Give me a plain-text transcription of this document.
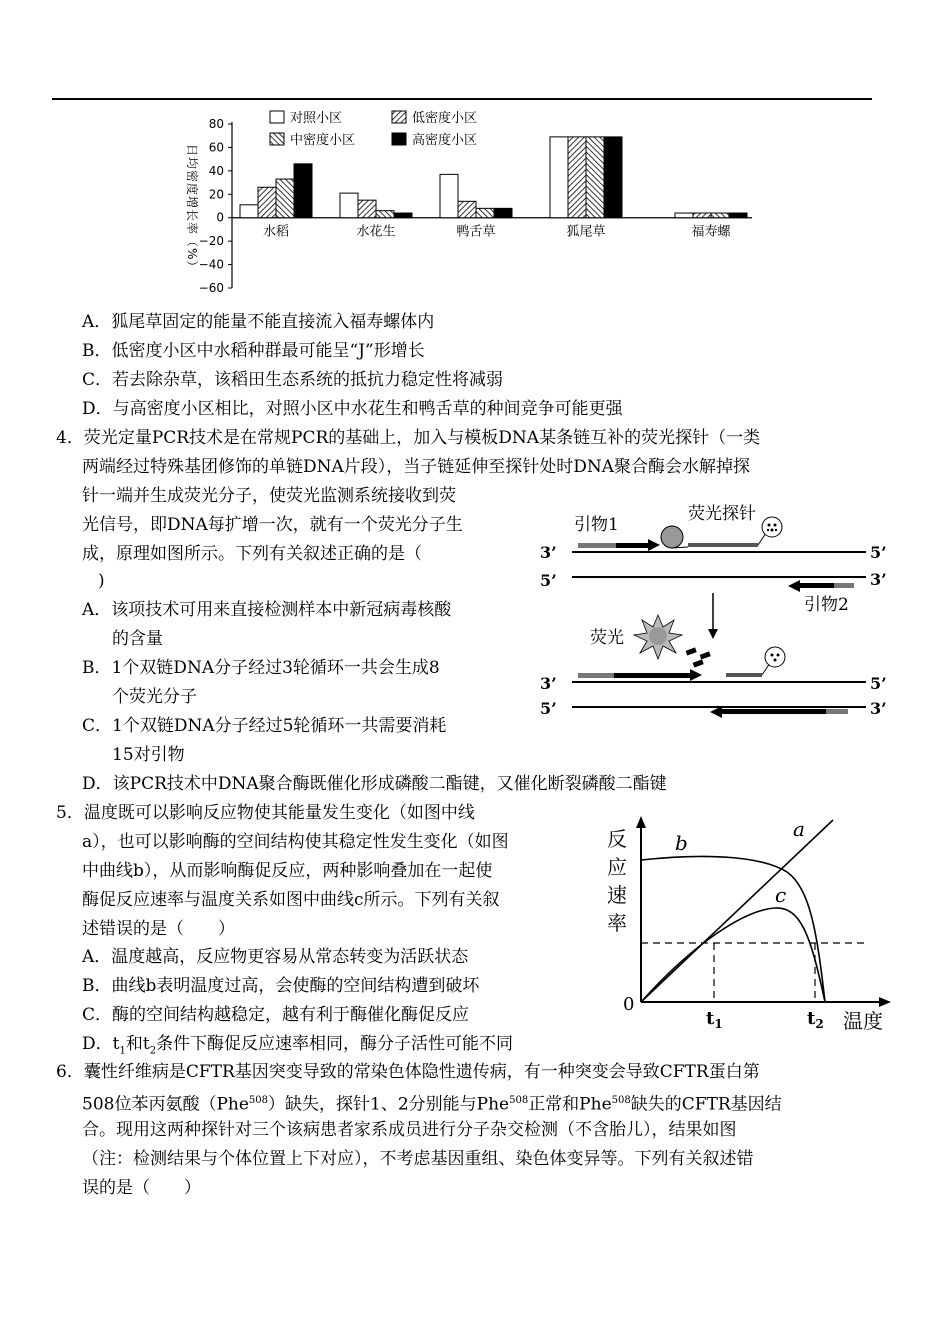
80
60
40
20
0
−20
−40
−60
日均密度增长率（%）	水稻	水花生	鸭舌草	狐尾草	福寿螺
对照小区	低密度小区
中密度小区	高密度小区
A．狐尾草固定的能量不能直接流入福寿螺体内
B．低密度小区中水稻种群最可能呈“J”形增长
C．若去除杂草，该稻田生态系统的抵抗力稳定性将减弱
D．与高密度小区相比，对照小区中水花生和鸭舌草的种间竞争可能更强
4．荧光定量PCR技术是在常规PCR的基础上，加入与模板DNA某条链互补的荧光探针（一类
两端经过特殊基团修饰的单链DNA片段），当子链延伸至探针处时DNA聚合酶会水解掉探
针一端并生成荧光分子，使荧光监测系统接收到荧
光信号，即DNA每扩增一次，就有一个荧光分子生
成，原理如图所示。下列有关叙述正确的是（
)
A．该项技术可用来直接检测样本中新冠病毒核酸
的含量
B．1个双链DNA分子经过3轮循环一共会生成8
个荧光分子
C．1个双链DNA分子经过5轮循环一共需要消耗
15对引物
D．该PCR技术中DNA聚合酶既催化形成磷酸二酯键，又催化断裂磷酸二酯键
引物1
荧光探针
3’	5’
5’	3’
引物2
荧光
3’	5’
5’	3’
5．温度既可以影响反应物使其能量发生变化（如图中线
a），也可以影响酶的空间结构使其稳定性发生变化（如图
中曲线b），从而影响酶促反应，两种影响叠加在一起使
酶促反应速率与温度关系如图中曲线c所示。下列有关叙
述错误的是（　　）
A．温度越高，反应物更容易从常态转变为活跃状态
B．曲线b表明温度过高，会使酶的空间结构遭到破坏
C．酶的空间结构越稳定，越有利于酶催化酶促反应
D．$t_1$和$t_2$条件下酶促反应速率相同，酶分子活性可能不同
反
应
速
率
0
温度
a
b
c
$t_1$	$t_2$
6．囊性纤维病是CFTR基因突变导致的常染色体隐性遗传病，有一种突变会导致CFTR蛋白第
508位苯丙氨酸（Phe$^{508}$）缺失，探针1、2分别能与Phe$^{508}$正常和Phe$^{508}$缺失的CFTR基因结
合。现用这两种探针对三个该病患者家系成员进行分子杂交检测（不含胎儿），结果如图
（注：检测结果与个体位置上下对应），不考虑基因重组、染色体变异等。下列有关叙述错
误的是（　　）
